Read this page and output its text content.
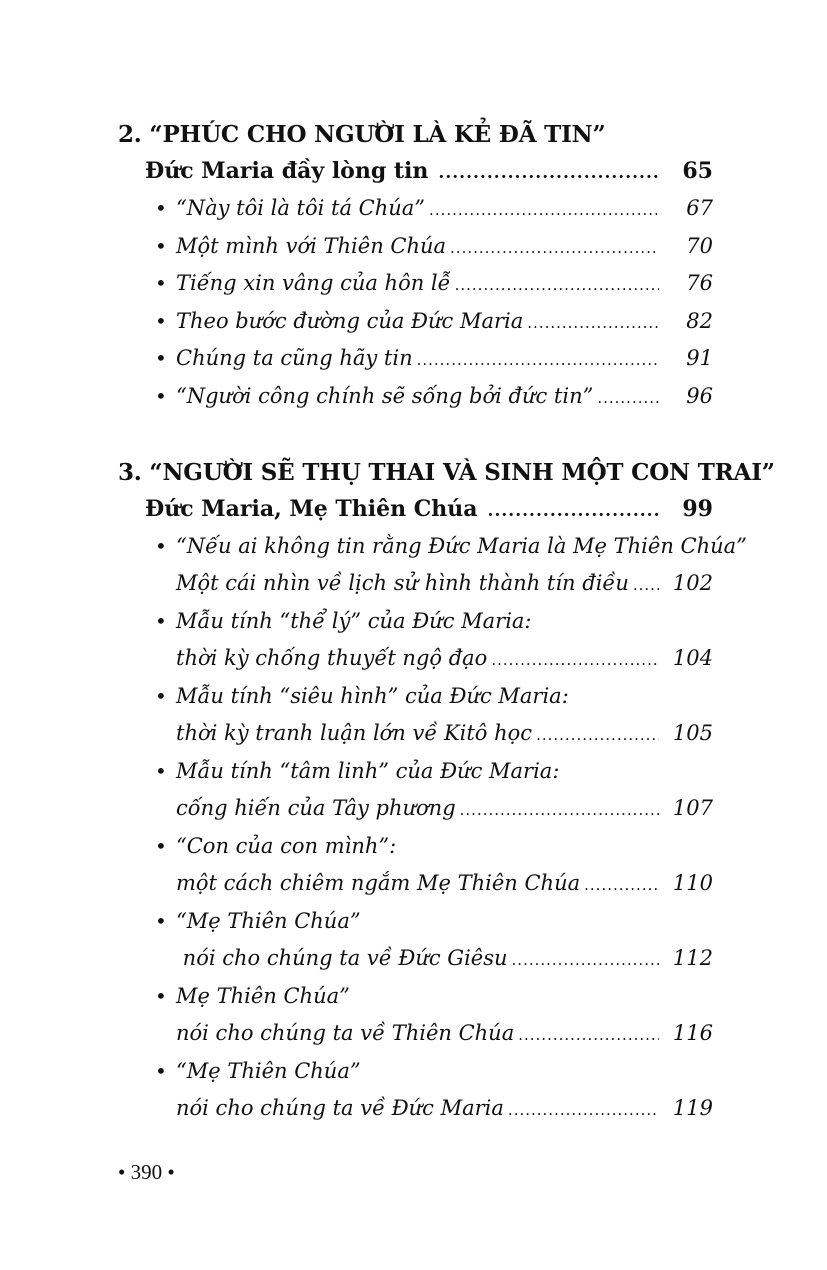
2. “PHÚC CHO NGƯỜI LÀ KẺ ĐÃ TIN”
Đức Maria đầy lòng tin .....	65
• “Này tôi là tôi tá Chúa” .....	67
• Một mình với Thiên Chúa .....	70
• Tiếng xin vâng của hôn lễ .....	76
• Theo bước đường của Đức Maria .....	82
• Chúng ta cũng hãy tin .....	91
• “Người công chính sẽ sống bởi đức tin” .....	96
3. “NGƯỜI SẼ THỤ THAI VÀ SINH MỘT CON TRAI”
Đức Maria, Mẹ Thiên Chúa .....	99
• “Nếu ai không tin rằng Đức Maria là Mẹ Thiên Chúa”
Một cái nhìn về lịch sử hình thành tín điều ..... 102
• Mẫu tính “thể lý” của Đức Maria:
thời kỳ chống thuyết ngộ đạo .....	104
• Mẫu tính “siêu hình” của Đức Maria:
thời kỳ tranh luận lớn về Kitô học .....	105
• Mẫu tính “tâm linh” của Đức Maria:
cống hiến của Tây phương .....	107
• “Con của con mình”:
một cách chiêm ngắm Mẹ Thiên Chúa .....	110
• “Mẹ Thiên Chúa”
nói cho chúng ta về Đức Giêsu .....	112
• Mẹ Thiên Chúa”
nói cho chúng ta về Thiên Chúa .....	116
• “Mẹ Thiên Chúa”
nói cho chúng ta về Đức Maria .....	119
• 390 •
